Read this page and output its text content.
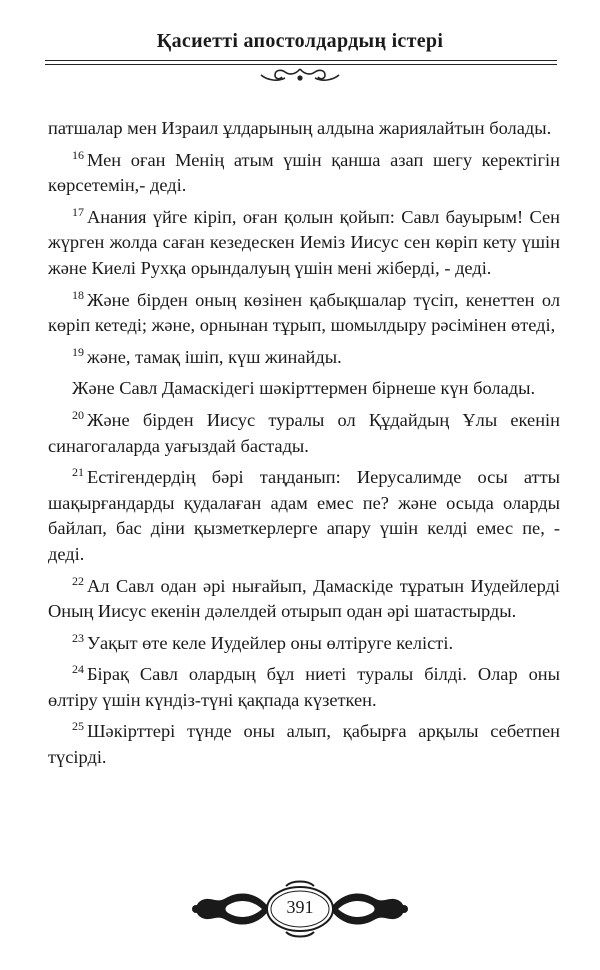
Қасиетті апостолдардың істері

патшалар мен Израил ұлдарының алдына жариялайтын болады.

$^{16}$ Мен оған Менің атым үшін қанша азап шегу керектігін көрсетемін,- деді.

$^{17}$ Анания үйге кіріп, оған қолын қойып: Савл бауырым! Сен жүрген жолда саған кезедескен Иеміз Иисус сен көріп кету үшін және Киелі Рухқа орындалуың үшін мені жіберді, - деді.

$^{18}$ Және бірден оның көзінен қабықшалар түсіп, кенеттен ол көріп кетеді; және, орнынан тұрып, шомылдыру рәсімінен өтеді,

$^{19}$ және, тамақ ішіп, күш жинайды.

Және Савл Дамаскідегі шәкірттермен бірнеше күн болады.

$^{20}$ Және бірден Иисус туралы ол Құдайдың Ұлы екенін синагогаларда уағыздай бастады.

$^{21}$ Естігендердің бәрі таңданып: Иерусалимде осы атты шақырғандарды қудалаған адам емес пе? және осыда оларды байлап, бас діни қызметкерлерге апару үшін келді емес пе, - деді.

$^{22}$ Ал Савл одан әрі нығайып, Дамаскіде тұратын Иудейлерді Оның Иисус екенін дәлелдей отырып одан әрі шатастырды.

$^{23}$ Уақыт өте келе Иудейлер оны өлтіруге келісті.

$^{24}$ Бірақ Савл олардың бұл ниеті туралы білді. Олар оны өлтіру үшін күндіз-түні қақпада күзеткен.

$^{25}$ Шәкірттері түнде оны алып, қабырға арқылы себетпен түсірді.

391
